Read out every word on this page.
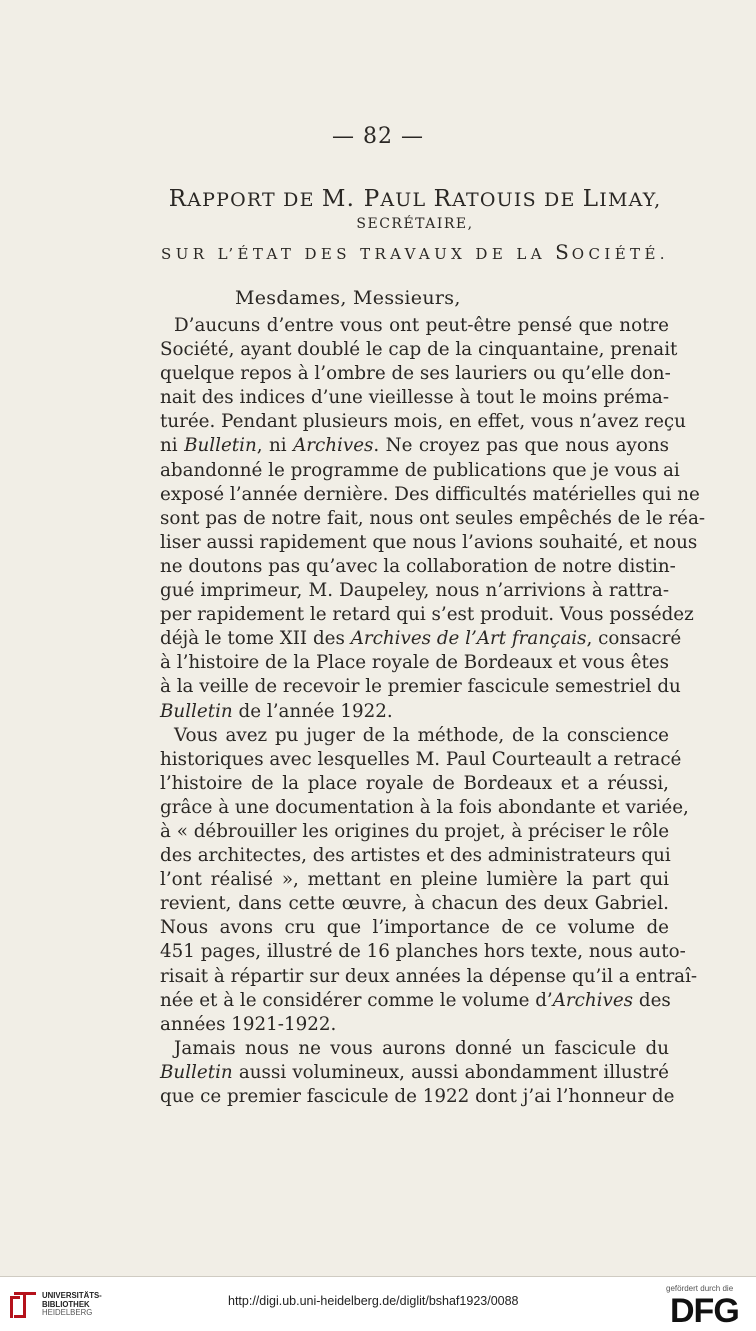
— 82 —
RAPPORT DE M. PAUL RATOUIS DE LIMAY,
SECRÉTAIRE,
SUR L’ÉTAT DES TRAVAUX DE LA SOCIÉTÉ.
Mesdames, Messieurs,
D’aucuns d’entre vous ont peut-être pensé que notre
Société, ayant doublé le cap de la cinquantaine, prenait
quelque repos à l’ombre de ses lauriers ou qu’elle don-
nait des indices d’une vieillesse à tout le moins préma-
turée. Pendant plusieurs mois, en effet, vous n’avez reçu
ni Bulletin, ni Archives. Ne croyez pas que nous ayons
abandonné le programme de publications que je vous ai
exposé l’année dernière. Des difficultés matérielles qui ne
sont pas de notre fait, nous ont seules empêchés de le réa-
liser aussi rapidement que nous l’avions souhaité, et nous
ne doutons pas qu’avec la collaboration de notre distin-
gué imprimeur, M. Daupeley, nous n’arrivions à rattra-
per rapidement le retard qui s’est produit. Vous possédez
déjà le tome XII des Archives de l’Art français, consacré
à l’histoire de la Place royale de Bordeaux et vous êtes
à la veille de recevoir le premier fascicule semestriel du
Bulletin de l’année 1922.
Vous avez pu juger de la méthode, de la conscience
historiques avec lesquelles M. Paul Courteault a retracé
l’histoire de la place royale de Bordeaux et a réussi,
grâce à une documentation à la fois abondante et variée,
à « débrouiller les origines du projet, à préciser le rôle
des architectes, des artistes et des administrateurs qui
l’ont réalisé », mettant en pleine lumière la part qui
revient, dans cette œuvre, à chacun des deux Gabriel.
Nous avons cru que l’importance de ce volume de
451 pages, illustré de 16 planches hors texte, nous auto-
risait à répartir sur deux années la dépense qu’il a entraî-
née et à le considérer comme le volume d’Archives des
années 1921-1922.
Jamais nous ne vous aurons donné un fascicule du
Bulletin aussi volumineux, aussi abondamment illustré
que ce premier fascicule de 1922 dont j’ai l’honneur de
UNIVERSITÄTS-
BIBLIOTHEK
HEIDELBERG
http://digi.ub.uni-heidelberg.de/diglit/bshaf1923/0088
gefördert durch die
DFG
